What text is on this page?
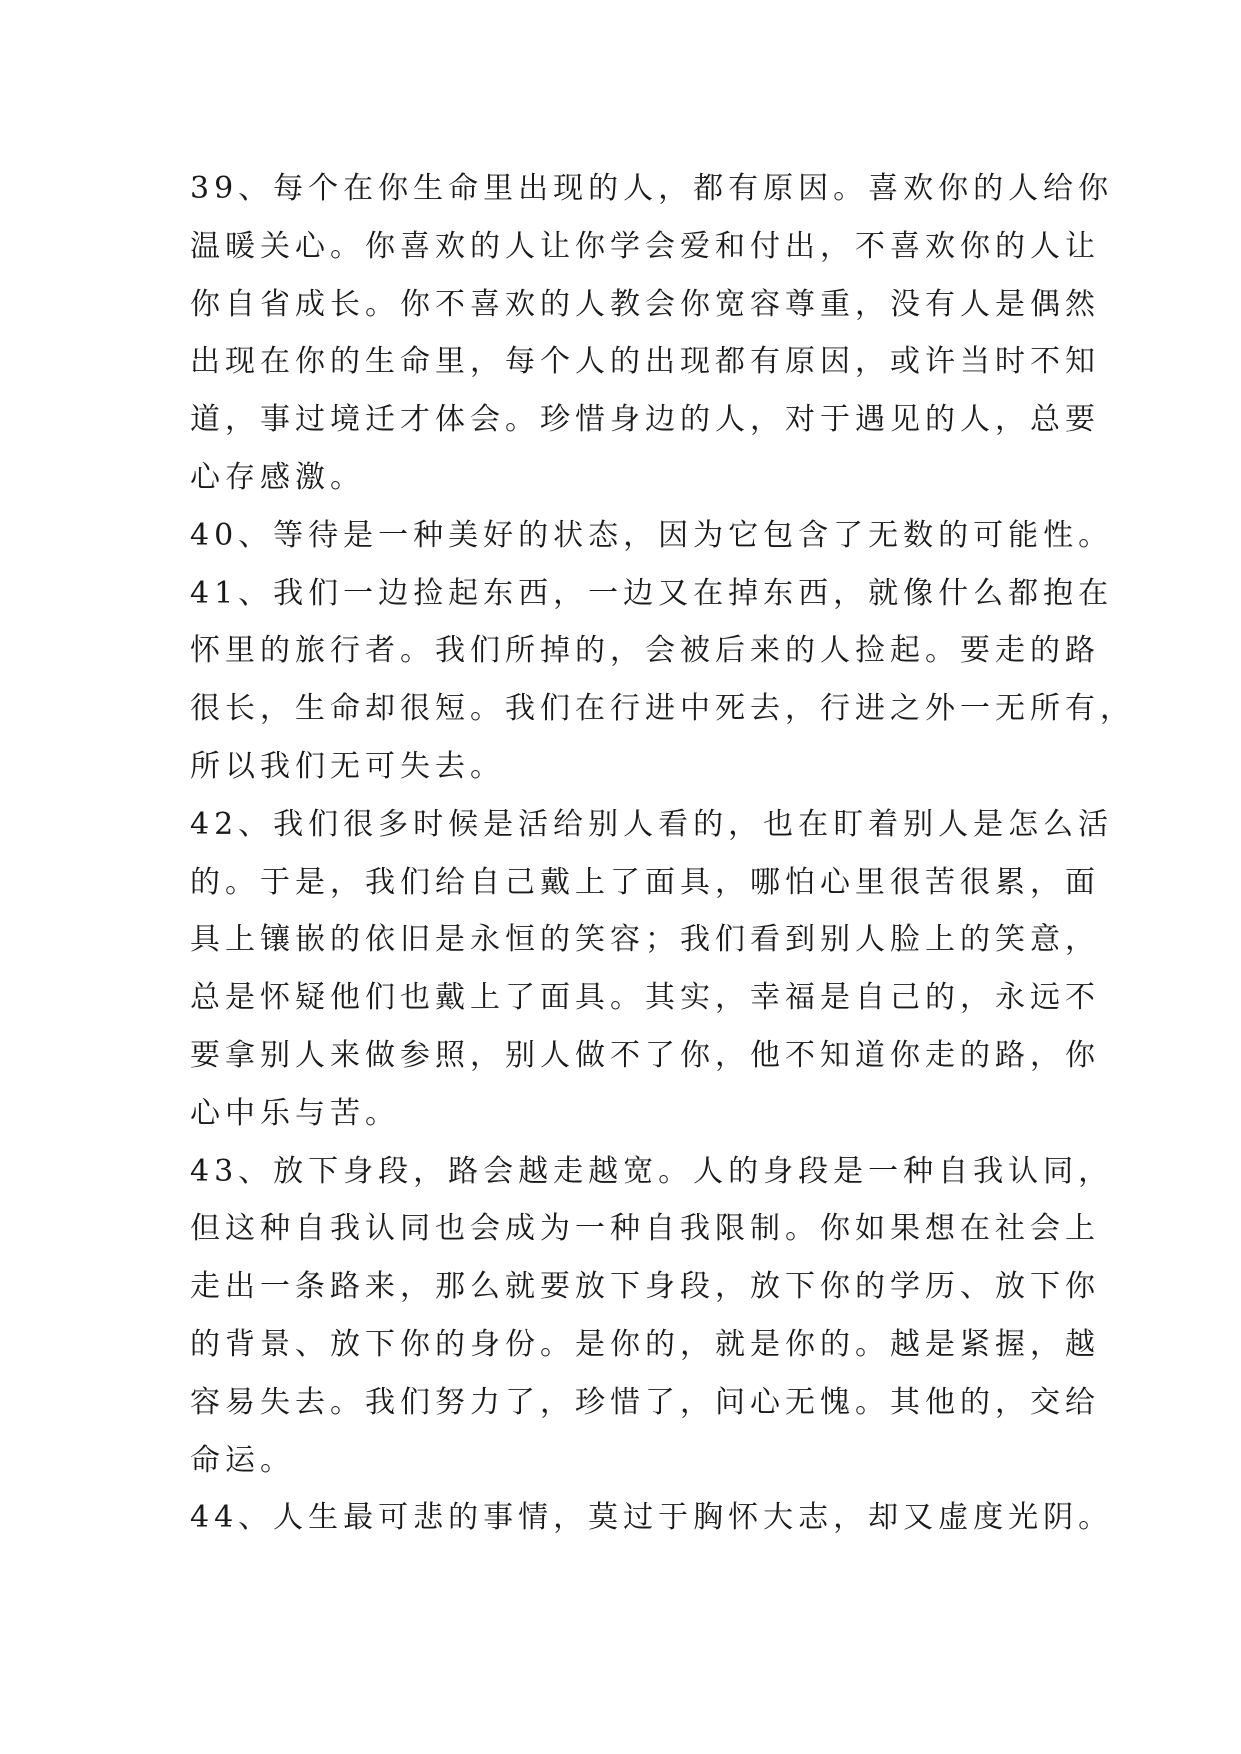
39、每个在你生命里出现的人，都有原因。喜欢你的人给你
温暖关心。你喜欢的人让你学会爱和付出，不喜欢你的人让
你自省成长。你不喜欢的人教会你宽容尊重，没有人是偶然
出现在你的生命里，每个人的出现都有原因，或许当时不知
道，事过境迁才体会。珍惜身边的人，对于遇见的人，总要
心存感激。
40、等待是一种美好的状态，因为它包含了无数的可能性。
41、我们一边捡起东西，一边又在掉东西，就像什么都抱在
怀里的旅行者。我们所掉的，会被后来的人捡起。要走的路
很长，生命却很短。我们在行进中死去，行进之外一无所有，
所以我们无可失去。
42、我们很多时候是活给别人看的，也在盯着别人是怎么活
的。于是，我们给自己戴上了面具，哪怕心里很苦很累，面
具上镶嵌的依旧是永恒的笑容；我们看到别人脸上的笑意，
总是怀疑他们也戴上了面具。其实，幸福是自己的，永远不
要拿别人来做参照，别人做不了你，他不知道你走的路，你
心中乐与苦。
43、放下身段，路会越走越宽。人的身段是一种自我认同，
但这种自我认同也会成为一种自我限制。你如果想在社会上
走出一条路来，那么就要放下身段，放下你的学历、放下你
的背景、放下你的身份。是你的，就是你的。越是紧握，越
容易失去。我们努力了，珍惜了，问心无愧。其他的，交给
命运。
44、人生最可悲的事情，莫过于胸怀大志，却又虚度光阴。
